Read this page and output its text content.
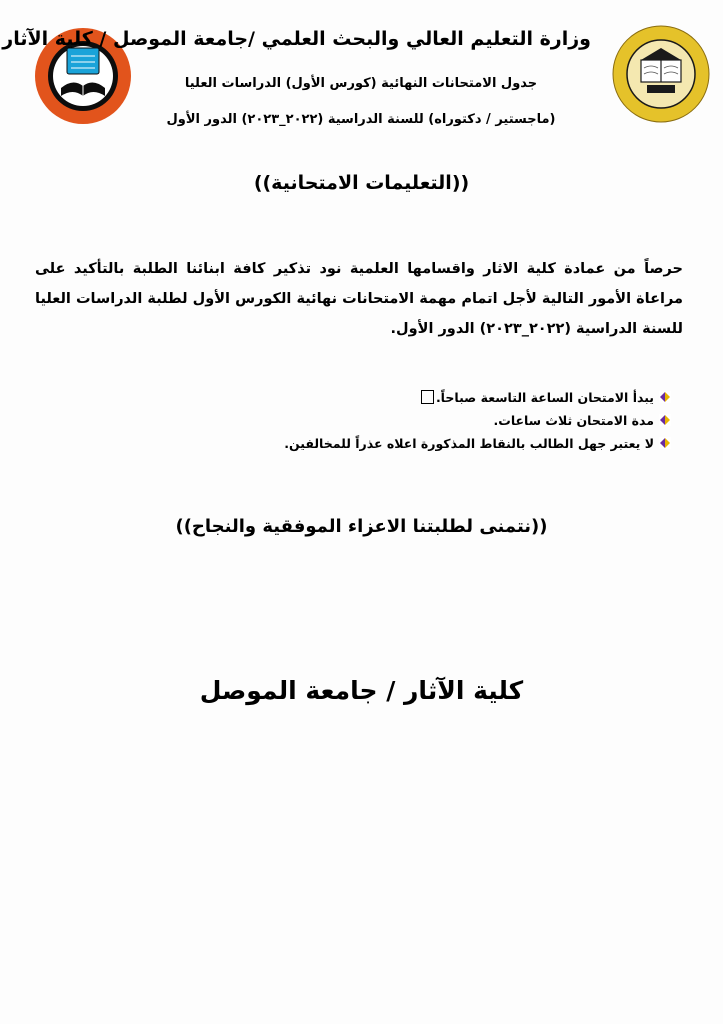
وزارة التعليم العالي والبحث العلمي /جامعة الموصل / كلية الآثار
جدول الامتحانات النهائية (كورس الأول) الدراسات العليا
(ماجستير / دكتوراه) للسنة الدراسية (٢٠٢٢_٢٠٢٣) الدور الأول
((التعليمات الامتحانية))
حرصاً من عمادة كلية الاثار واقسامها العلمية نود تذكير كافة ابنائنا الطلبة بالتأكيد على مراعاة الأمور التالية لأجل اتمام مهمة الامتحانات نهائية الكورس الأول لطلبة الدراسات العليا للسنة الدراسية (٢٠٢٢_٢٠٢٣) الدور الأول.
يبدأ الامتحان الساعة التاسعة صباحاً.
مدة الامتحان ثلاث ساعات.
لا يعتبر جهل الطالب بالنقاط المذكورة اعلاه عذراً للمخالفين.
((نتمنى لطلبتنا الاعزاء الموفقية والنجاح))
كلية الآثار / جامعة الموصل
